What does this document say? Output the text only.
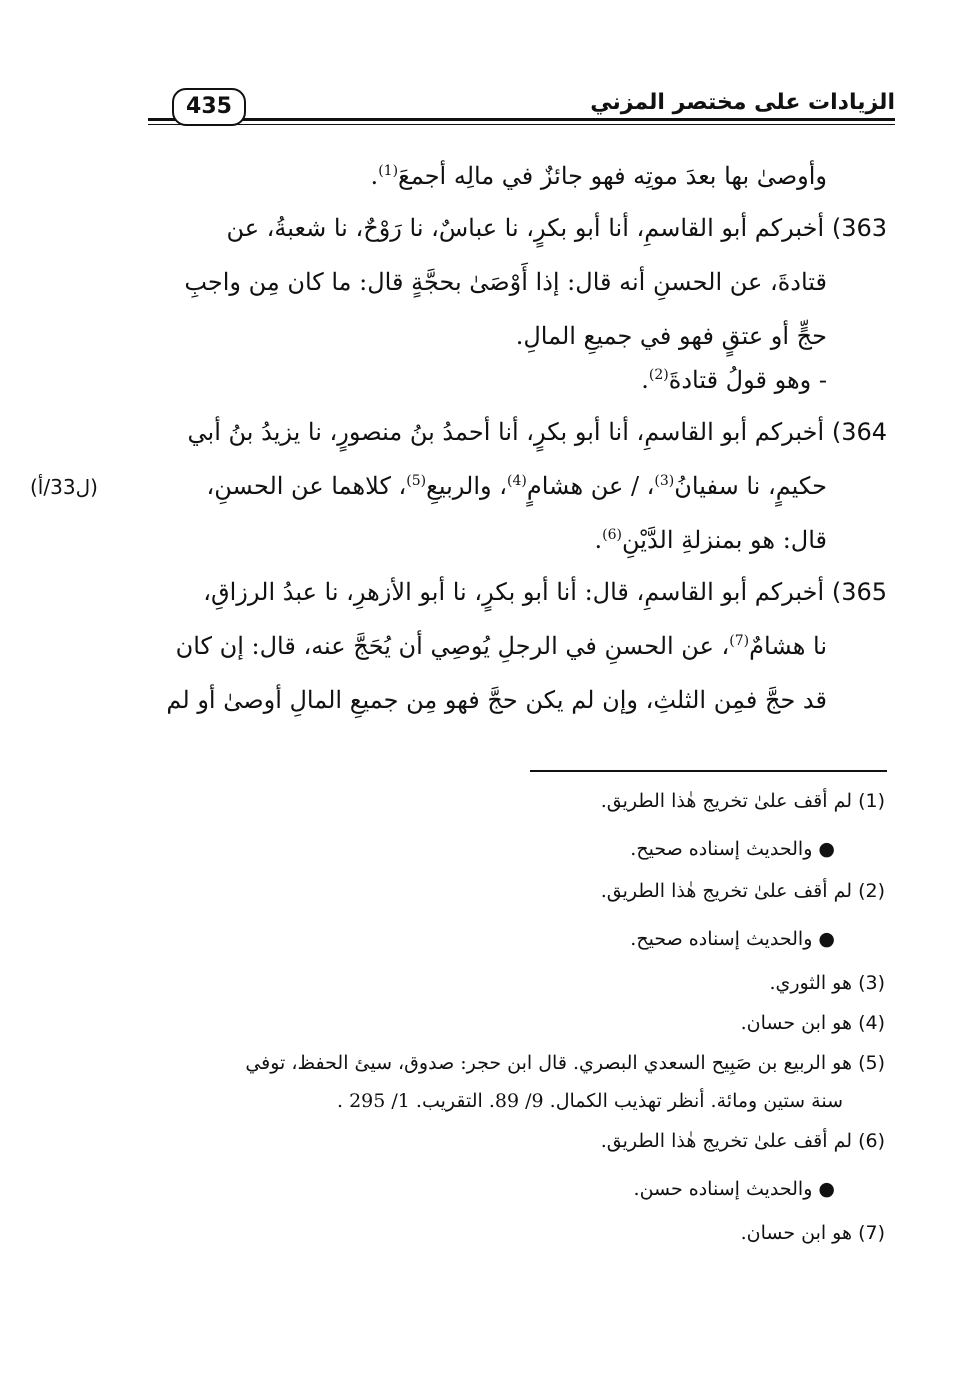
الزيادات على مختصر المزني
435
(ل33/أ)
وأوصىٰ بها بعدَ موتِه فهو جائزٌ في مالِه أجمعَ$^{(1)}$.
363) أخبركم أبو القاسمِ، أنا أبو بكرٍ، نا عباسٌ، نا رَوْحٌ، نا شعبةُ، عن
قتادةَ، عن الحسنِ أنه قال: إذا أَوْصَىٰ بحجَّةٍ قال: ما كان مِن واجبِ
حجٍّ أو عتقٍ فهو في جميعِ المالِ.
- وهو قولُ قتادةَ$^{(2)}$.
364) أخبركم أبو القاسمِ، أنا أبو بكرٍ، أنا أحمدُ بنُ منصورٍ، نا يزيدُ بنُ أبي
حكيمٍ، نا سفيانُ$^{(3)}$، / عن هشامٍ$^{(4)}$، والربيعِ$^{(5)}$، كلاهما عن الحسنِ،
قال: هو بمنزلةِ الدَّيْنِ$^{(6)}$.
365) أخبركم أبو القاسمِ، قال: أنا أبو بكرٍ، نا أبو الأزهرِ، نا عبدُ الرزاقِ،
نا هشامٌ$^{(7)}$، عن الحسنِ في الرجلِ يُوصِي أن يُحَجَّ عنه، قال: إن كان
قد حجَّ فمِن الثلثِ، وإن لم يكن حجَّ فهو مِن جميعِ المالِ أوصىٰ أو لم
(1) لم أقف علىٰ تخريج هٰذا الطريق.
● والحديث إسناده صحيح.
(2) لم أقف علىٰ تخريج هٰذا الطريق.
● والحديث إسناده صحيح.
(3) هو الثوري.
(4) هو ابن حسان.
(5) هو الربيع بن صَبِيح السعدي البصري. قال ابن حجر: صدوق، سيئ الحفظ، توفي
سنة ستين ومائة. أنظر تهذيب الكمال. 9/ 89. التقريب. 1/ 295 .
(6) لم أقف علىٰ تخريج هٰذا الطريق.
● والحديث إسناده حسن.
(7) هو ابن حسان.
